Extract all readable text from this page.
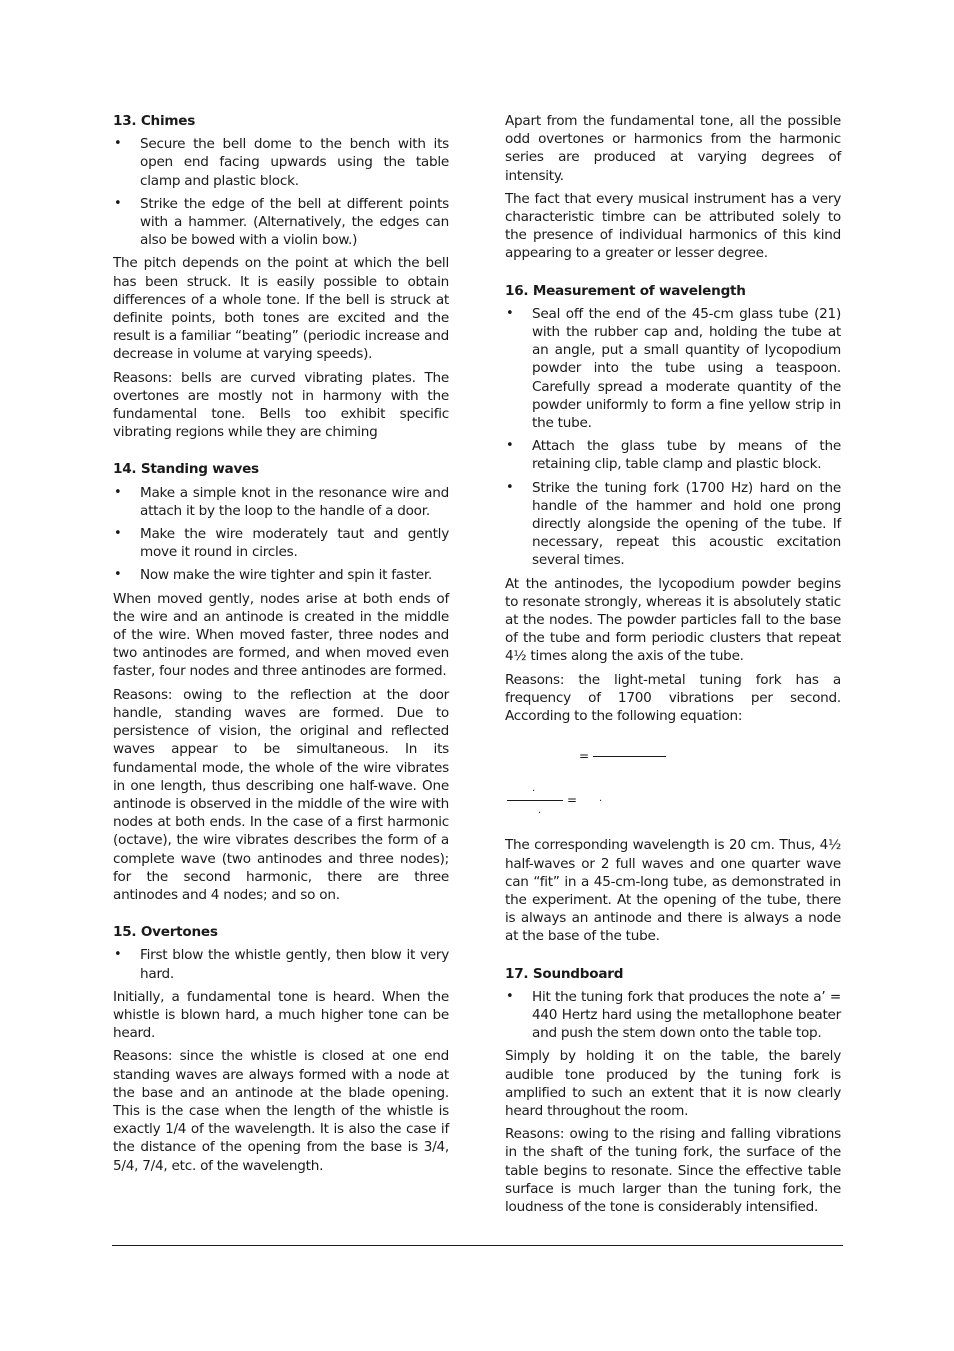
13. Chimes
• Secure the bell dome to the bench with its open end facing upwards using the table clamp and plastic block.
• Strike the edge of the bell at different points with a hammer. (Alternatively, the edges can also be bowed with a violin bow.)

The pitch depends on the point at which the bell has been struck. It is easily possible to obtain differences of a whole tone. If the bell is struck at definite points, both tones are excited and the result is a familiar “beating” (periodic increase and decrease in volume at varying speeds).

Reasons: bells are curved vibrating plates. The overtones are mostly not in harmony with the fundamental tone. Bells too exhibit specific vibrating regions while they are chiming

14. Standing waves
• Make a simple knot in the resonance wire and attach it by the loop to the handle of a door.
• Make the wire moderately taut and gently move it round in circles.
• Now make the wire tighter and spin it faster.

When moved gently, nodes arise at both ends of the wire and an antinode is created in the middle of the wire. When moved faster, three nodes and two antinodes are formed, and when moved even faster, four nodes and three antinodes are formed.

Reasons: owing to the reflection at the door handle, standing waves are formed. Due to persistence of vision, the original and reflected waves appear to be simultaneous. In its fundamental mode, the whole of the wire vibrates in one length, thus describing one half-wave. One antinode is observed in the middle of the wire with nodes at both ends. In the case of a first harmonic (octave), the wire vibrates describes the form of a complete wave (two antinodes and three nodes); for the second harmonic, there are three antinodes and 4 nodes; and so on.

15. Overtones
• First blow the whistle gently, then blow it very hard.

Initially, a fundamental tone is heard. When the whistle is blown hard, a much higher tone can be heard.

Reasons: since the whistle is closed at one end standing waves are always formed with a node at the base and an antinode at the blade opening. This is the case when the length of the whistle is exactly 1/4 of the wavelength. It is also the case if the distance of the opening from the base is 3/4, 5/4, 7/4, etc. of the wavelength.

Apart from the fundamental tone, all the possible odd overtones or harmonics from the harmonic series are produced at varying degrees of intensity.

The fact that every musical instrument has a very characteristic timbre can be attributed solely to the presence of individual harmonics of this kind appearing to a greater or lesser degree.

16. Measurement of wavelength
• Seal off the end of the 45-cm glass tube (21) with the rubber cap and, holding the tube at an angle, put a small quantity of lycopodium powder into the tube using a teaspoon. Carefully spread a moderate quantity of the powder uniformly to form a fine yellow strip in the tube.
• Attach the glass tube by means of the retaining clip, table clamp and plastic block.
• Strike the tuning fork (1700 Hz) hard on the handle of the hammer and hold one prong directly alongside the opening of the tube. If necessary, repeat this acoustic excitation several times.

At the antinodes, the lycopodium powder begins to resonate strongly, whereas it is absolutely static at the nodes. The powder particles fall to the base of the tube and form periodic clusters that repeat 4½ times along the axis of the tube.

Reasons: the light-metal tuning fork has a frequency of 1700 vibrations per second. According to the following equation:

=
.
= .
.

The corresponding wavelength is 20 cm. Thus, 4½ half-waves or 2 full waves and one quarter wave can “fit” in a 45-cm-long tube, as demonstrated in the experiment. At the opening of the tube, there is always an antinode and there is always a node at the base of the tube.

17. Soundboard
• Hit the tuning fork that produces the note a’ = 440 Hertz hard using the metallophone beater and push the stem down onto the table top.

Simply by holding it on the table, the barely audible tone produced by the tuning fork is amplified to such an extent that it is now clearly heard throughout the room.

Reasons: owing to the rising and falling vibrations in the shaft of the tuning fork, the surface of the table begins to resonate. Since the effective table surface is much larger than the tuning fork, the loudness of the tone is considerably intensified.
